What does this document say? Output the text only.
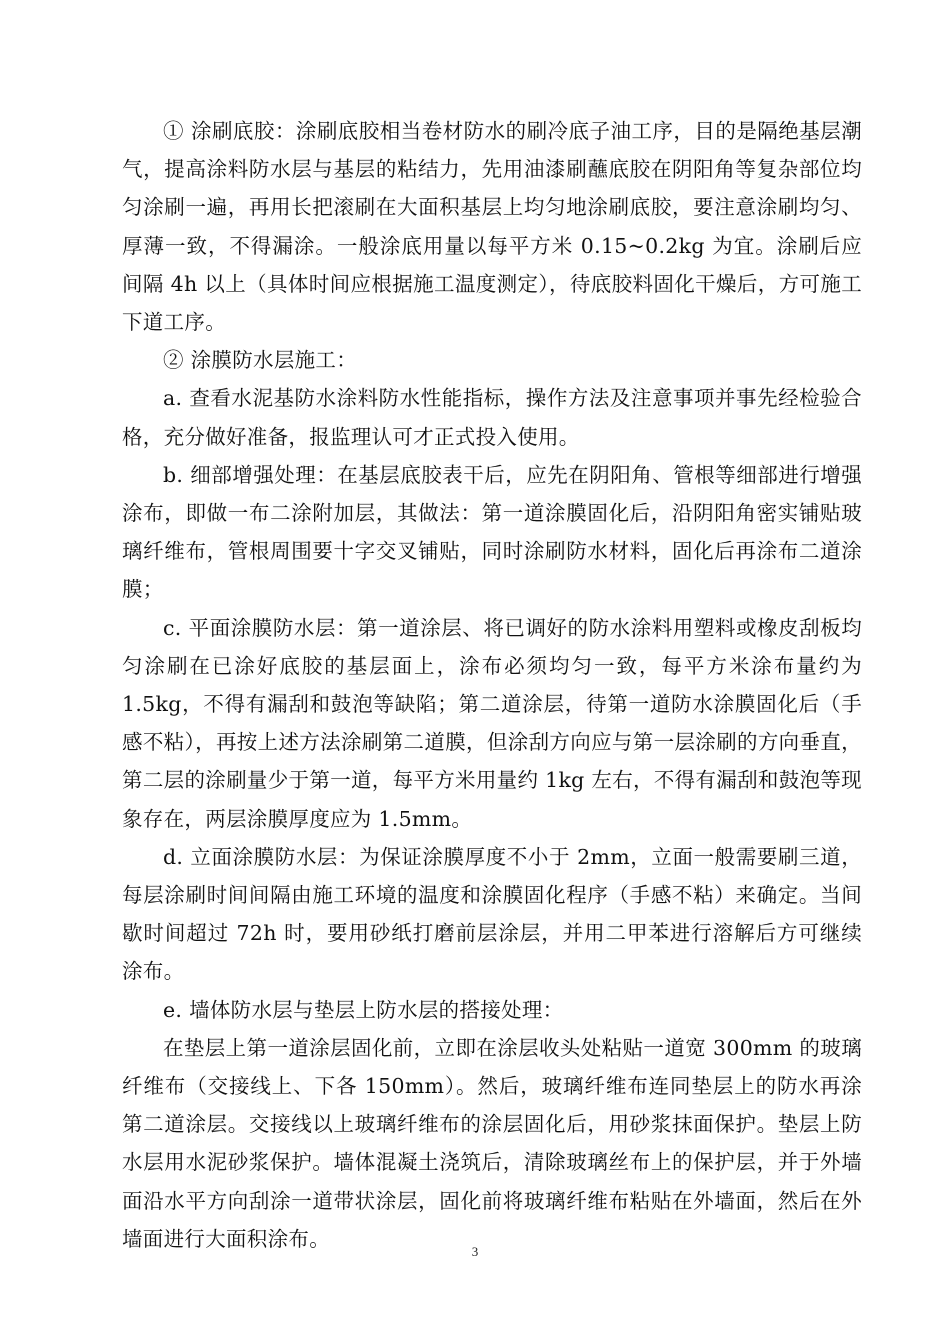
① 涂刷底胶：涂刷底胶相当卷材防水的刷冷底子油工序，目的是隔绝基层潮气，提高涂料防水层与基层的粘结力，先用油漆刷蘸底胶在阴阳角等复杂部位均匀涂刷一遍，再用长把滚刷在大面积基层上均匀地涂刷底胶，要注意涂刷均匀、厚薄一致，不得漏涂。一般涂底用量以每平方米 0.15~0.2kg 为宜。涂刷后应间隔 4h 以上（具体时间应根据施工温度测定），待底胶料固化干燥后，方可施工下道工序。

② 涂膜防水层施工：

a. 查看水泥基防水涂料防水性能指标，操作方法及注意事项并事先经检验合格，充分做好准备，报监理认可才正式投入使用。

b. 细部增强处理：在基层底胶表干后，应先在阴阳角、管根等细部进行增强涂布，即做一布二涂附加层，其做法：第一道涂膜固化后，沿阴阳角密实铺贴玻璃纤维布，管根周围要十字交叉铺贴，同时涂刷防水材料，固化后再涂布二道涂膜；

c. 平面涂膜防水层：第一道涂层、将已调好的防水涂料用塑料或橡皮刮板均匀涂刷在已涂好底胶的基层面上，涂布必须均匀一致，每平方米涂布量约为 1.5kg，不得有漏刮和鼓泡等缺陷；第二道涂层，待第一道防水涂膜固化后（手感不粘），再按上述方法涂刷第二道膜，但涂刮方向应与第一层涂刷的方向垂直，第二层的涂刷量少于第一道，每平方米用量约 1kg 左右，不得有漏刮和鼓泡等现象存在，两层涂膜厚度应为 1.5mm。

d. 立面涂膜防水层：为保证涂膜厚度不小于 2mm，立面一般需要刷三道，每层涂刷时间间隔由施工环境的温度和涂膜固化程序（手感不粘）来确定。当间歇时间超过 72h 时，要用砂纸打磨前层涂层，并用二甲苯进行溶解后方可继续涂布。

e. 墙体防水层与垫层上防水层的搭接处理：

在垫层上第一道涂层固化前，立即在涂层收头处粘贴一道宽 300mm 的玻璃纤维布（交接线上、下各 150mm）。然后，玻璃纤维布连同垫层上的防水再涂第二道涂层。交接线以上玻璃纤维布的涂层固化后，用砂浆抹面保护。垫层上防水层用水泥砂浆保护。墙体混凝土浇筑后，清除玻璃丝布上的保护层，并于外墙面沿水平方向刮涂一道带状涂层，固化前将玻璃纤维布粘贴在外墙面，然后在外墙面进行大面积涂布。

3
